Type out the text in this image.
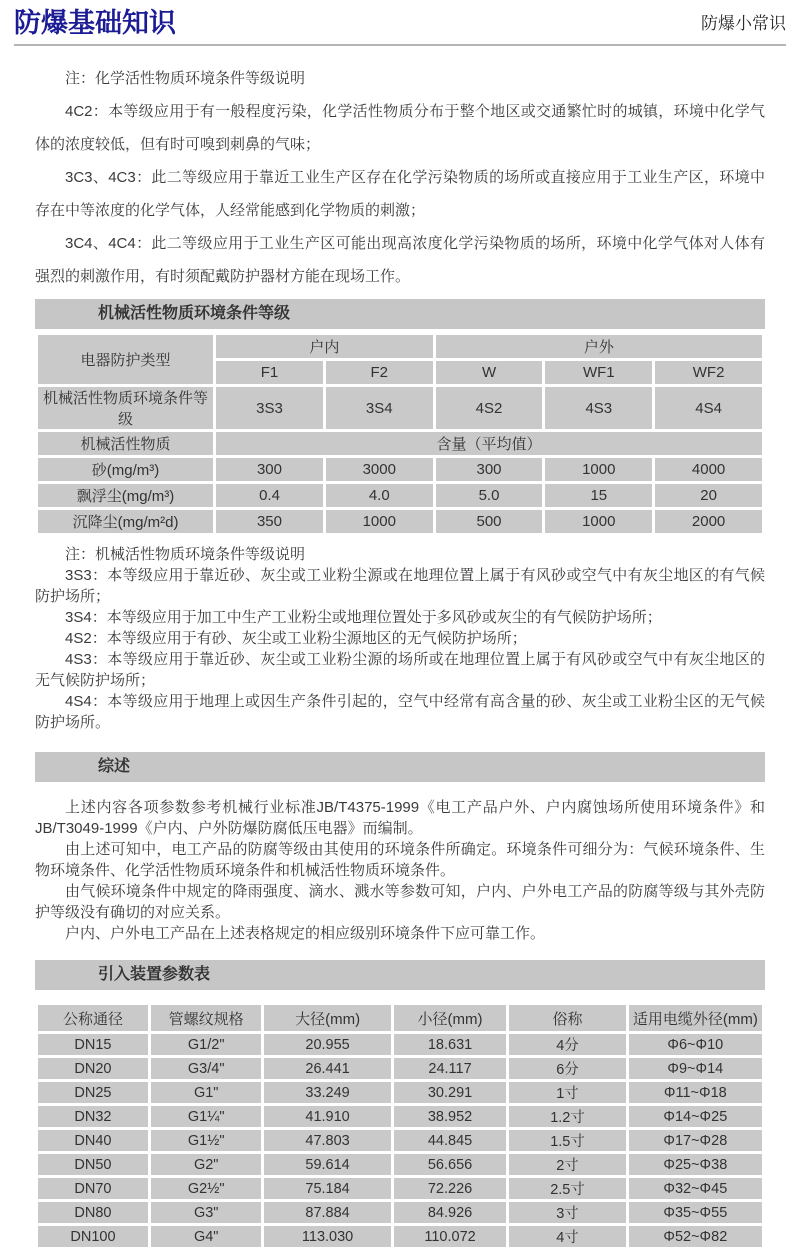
防爆基础知识	防爆小常识

注：化学活性物质环境条件等级说明

4C2：本等级应用于有一般程度污染，化学活性物质分布于整个地区或交通繁忙时的城镇，环境中化学气体的浓度较低，但有时可嗅到刺鼻的气味；

3C3、4C3：此二等级应用于靠近工业生产区存在化学污染物质的场所或直接应用于工业生产区，环境中存在中等浓度的化学气体，人经常能感到化学物质的刺激；

3C4、4C4：此二等级应用于工业生产区可能出现高浓度化学污染物质的场所，环境中化学气体对人体有强烈的刺激作用，有时须配戴防护器材方能在现场工作。

机械活性物质环境条件等级
电器防护类型	户内		户外		
	F1	F2	W	WF1	WF2
机械活性物质环境条件等级	3S3	3S4	4S2	4S3	4S4
机械活性物质	含量（平均值）				
砂(mg/m³)	300	3000	300	1000	4000
飘浮尘(mg/m³)	0.4	4.0	5.0	15	20
沉降尘(mg/m²d)	350	1000	500	1000	2000

注：机械活性物质环境条件等级说明

3S3：本等级应用于靠近砂、灰尘或工业粉尘源或在地理位置上属于有风砂或空气中有灰尘地区的有气候防护场所；

3S4：本等级应用于加工中生产工业粉尘或地理位置处于多风砂或灰尘的有气候防护场所；

4S2：本等级应用于有砂、灰尘或工业粉尘源地区的无气候防护场所；

4S3：本等级应用于靠近砂、灰尘或工业粉尘源的场所或在地理位置上属于有风砂或空气中有灰尘地区的无气候防护场所；

4S4：本等级应用于地理上或因生产条件引起的，空气中经常有高含量的砂、灰尘或工业粉尘区的无气候防护场所。

综述

上述内容各项参数参考机械行业标准JB/T4375-1999《电工产品户外、户内腐蚀场所使用环境条件》和JB/T3049-1999《户内、户外防爆防腐低压电器》而编制。

由上述可知中，电工产品的防腐等级由其使用的环境条件所确定。环境条件可细分为：气候环境条件、生物环境条件、化学活性物质环境条件和机械活性物质环境条件。

由气候环境条件中规定的降雨强度、滴水、溅水等参数可知，户内、户外电工产品的防腐等级与其外壳防护等级没有确切的对应关系。

户内、户外电工产品在上述表格规定的相应级别环境条件下应可靠工作。

引入装置参数表
公称通径	管螺纹规格	大径(mm)	小径(mm)	俗称	适用电缆外径(mm)
DN15	G1/2"	20.955	18.631	4分	Φ6~Φ10
DN20	G3/4"	26.441	24.117	6分	Φ9~Φ14
DN25	G1"	33.249	30.291	1寸	Φ11~Φ18
DN32	G1¼"	41.910	38.952	1.2寸	Φ14~Φ25
DN40	G1½"	47.803	44.845	1.5寸	Φ17~Φ28
DN50	G2"	59.614	56.656	2寸	Φ25~Φ38
DN70	G2½"	75.184	72.226	2.5寸	Φ32~Φ45
DN80	G3"	87.884	84.926	3寸	Φ35~Φ55
DN100	G4"	113.030	110.072	4寸	Φ52~Φ82
